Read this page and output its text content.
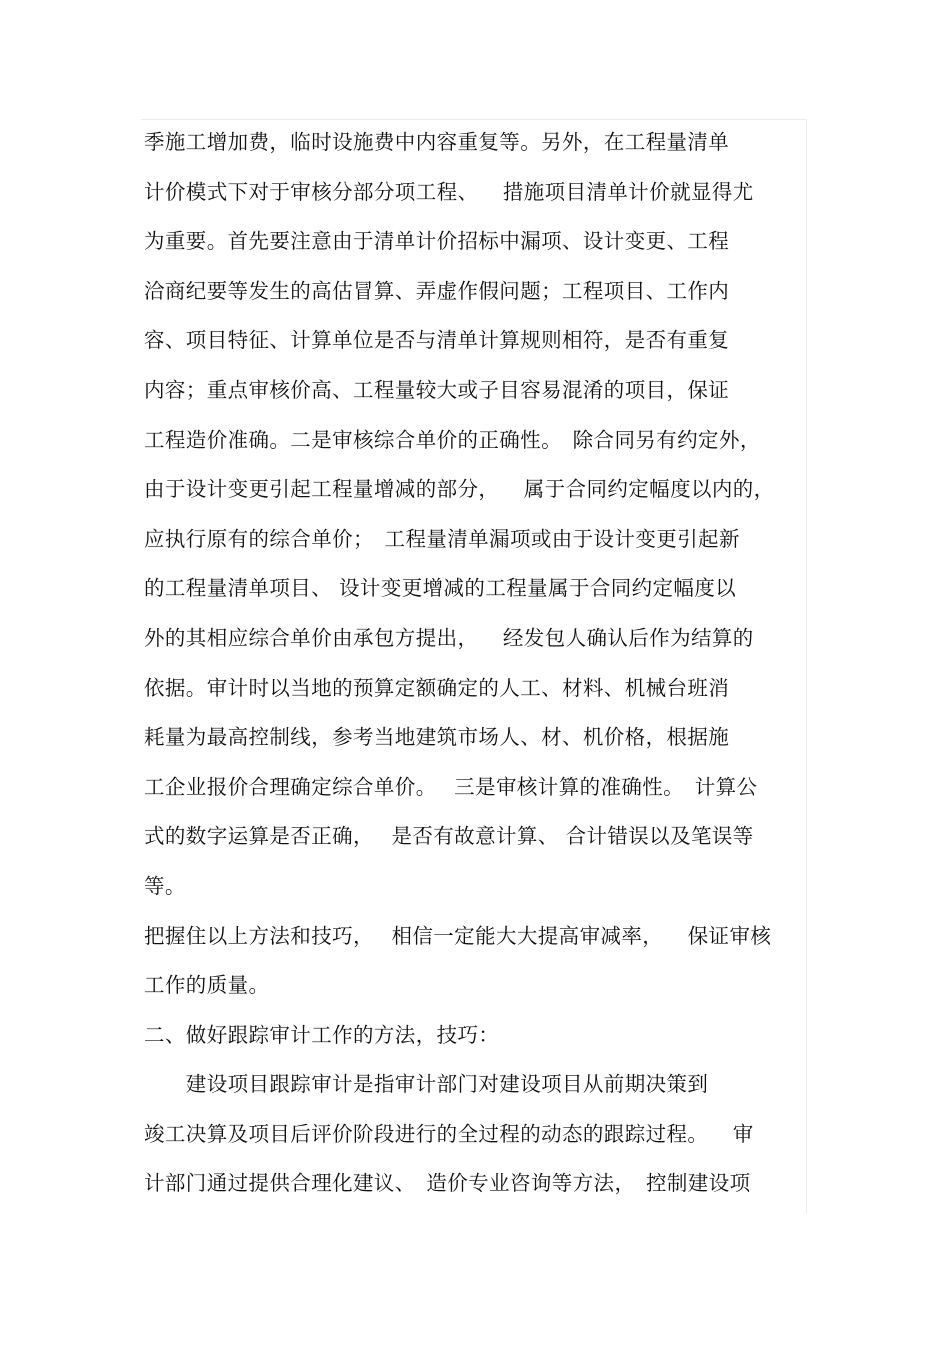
季施工增加费，临时设施费中内容重复等。另外，在工程量清单
计价模式下对于审核分部分项工程、　  措施项目清单计价就显得尤
为重要。首先要注意由于清单计价招标中漏项、设计变更、工程
洽商纪要等发生的高估冒算、弄虚作假问题；工程项目、工作内
容、项目特征、计算单位是否与清单计算规则相符，是否有重复
内容；重点审核价高、工程量较大或子目容易混淆的项目，保证
工程造价准确。二是审核综合单价的正确性。　除合同另有约定外，
由于设计变更引起工程量增减的部分，　  属于合同约定幅度以内的，
应执行原有的综合单价；　工程量清单漏项或由于设计变更引起新
的工程量清单项目、 设计变更增减的工程量属于合同约定幅度以
外的其相应综合单价由承包方提出，　  经发包人确认后作为结算的
依据。审计时以当地的预算定额确定的人工、材料、机械台班消
耗量为最高控制线，参考当地建筑市场人、材、机价格，根据施
工企业报价合理确定综合单价。　 三是审核计算的准确性。　计算公
式的数字运算是否正确，　 是否有故意计算、 合计错误以及笔误等
等。
把握住以上方法和技巧，　 相信一定能大大提高审减率，　  保证审核
工作的质量。
二、做好跟踪审计工作的方法，技巧：
　　建设项目跟踪审计是指审计部门对建设项目从前期决策到
竣工决算及项目后评价阶段进行的全过程的动态的跟踪过程。　  审
计部门通过提供合理化建议、　造价专业咨询等方法，　控制建设项
